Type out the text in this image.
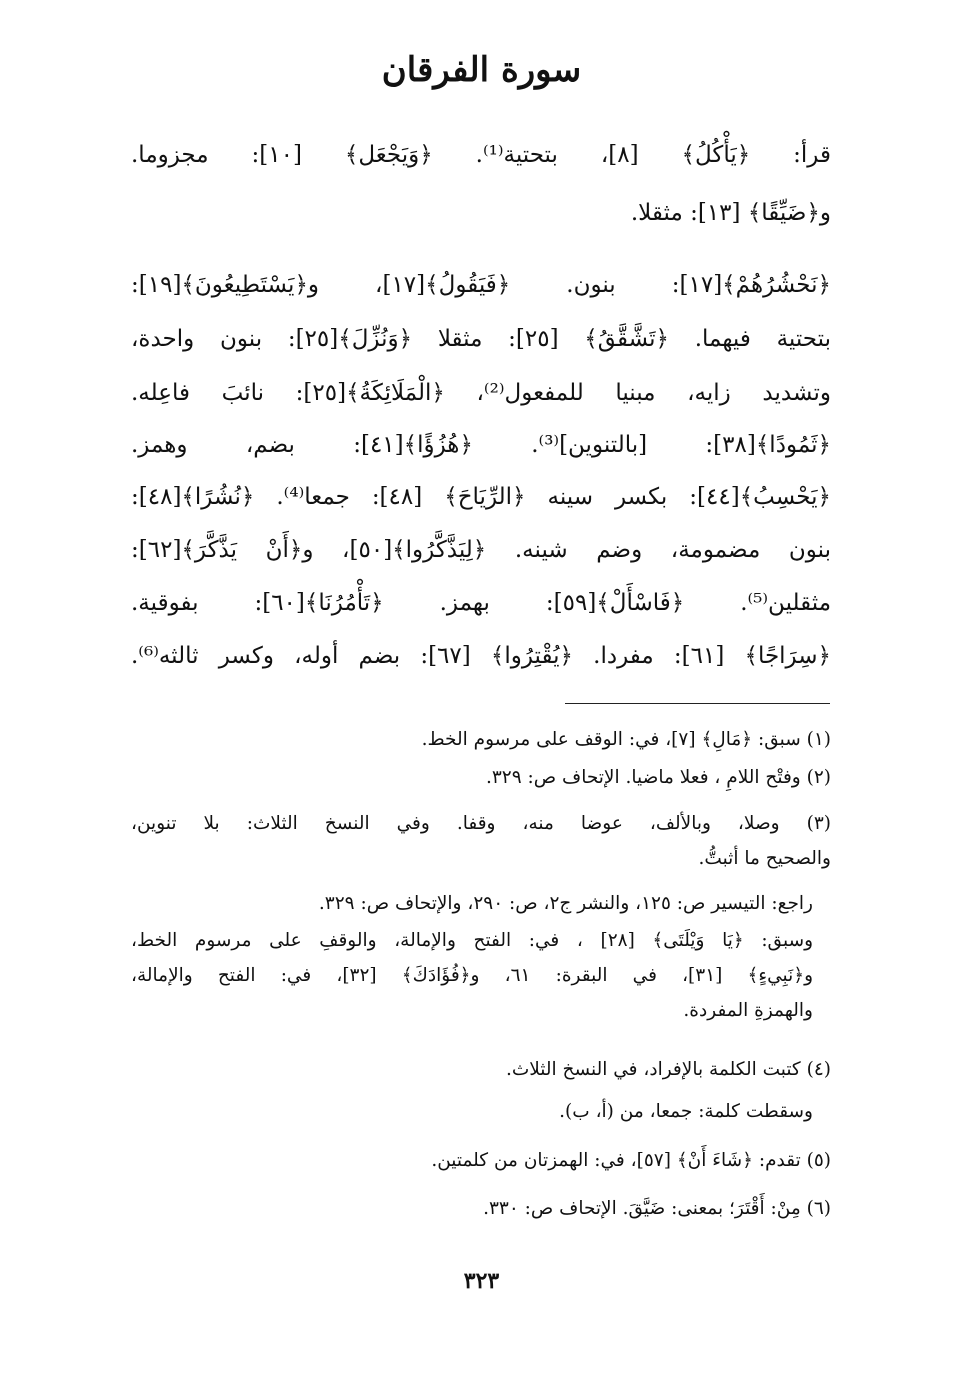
سورة الفرقان
قرأ: ﴿يَأْكُلُ﴾ [٨]، بتحتية⁽¹⁾. ﴿وَيَجْعَل﴾ [١٠]: مجزوما.
و﴿ضَيِّقًا﴾ [١٣]: مثقلا.
﴿نَحْشُرُهُمْ﴾[١٧]: بنون. ﴿فَيَقُولُ﴾[١٧]، و﴿يَسْتَطِيعُونَ﴾[١٩]:
بتحتية فيهما. ﴿تَشَّقَّقُ﴾ [٢٥]: مثقلا ﴿وَنُزِّلَ﴾[٢٥]: بنون واحدة،
وتشديد زايه، مبنيا للمفعول⁽²⁾، ﴿الْمَلَائِكَةُ﴾[٢٥]: نائبَ فاعِله.
﴿ثَمُودًا﴾[٣٨]: [بالتنوين]⁽³⁾. ﴿هُزُؤًا﴾[٤١]: بضم، وهمز.
﴿يَحْسِبُ﴾[٤٤]: بكسر سينه ﴿الرِّيَاحَ﴾ [٤٨]: جمعا⁽⁴⁾. ﴿نُشُرًا﴾[٤٨]:
بنون مضمومة، وضم شينه. ﴿لِيَذَّكَّرُوا﴾[٥٠]، و﴿أَنْ يَذَّكَّرَ﴾[٦٢]:
مثقلين⁽⁵⁾. ﴿فَاسْأَلْ﴾[٥٩]: بهمز. ﴿تَأْمُرُنَا﴾[٦٠]: بفوقية.
﴿سِرَاجًا﴾ [٦١]: مفردا. ﴿يُقْتِرُوا﴾ [٦٧]: بضم أوله، وكسر ثالثه⁽⁶⁾.
(١) سبق: ﴿مَالِ﴾ [٧]، في: الوقف على مرسوم الخط.
(٢) وفتْح اللامِ ، فعلا ماضيا. الإتحاف ص: ٣٢٩.
(٣) وصلا، وبالألف، عوضا منه، وقفا. وفي النسخ الثلاث: بلا تنوين،
والصحيح ما أثبتُّ.
راجع: التيسير ص: ١٢٥، والنشر ج٢، ص: ٢٩٠، والإتحاف ص: ٣٢٩.
وسبق: ﴿يَا وَيْلَتَى﴾ [٢٨] ، في: الفتح والإمالة، والوقفِ على مرسوم الخط،
و﴿نَبِيءٍ﴾ [٣١]، في البقرة: ٦١، و﴿فُؤَادَكَ﴾ [٣٢]، في: الفتح والإمالة،
والهمزةِ المفردة.
(٤) كتبت الكلمة بالإفراد، في النسخ الثلاث.
وسقطت كلمة: جمعا، من (أ، ب).
(٥) تقدم: ﴿شَاءَ أَنْ﴾ [٥٧]، في: الهمزتان من كلمتين.
(٦) مِنْ: أَقْتَرَ؛ بمعنى: ضَيَّقَ. الإتحاف ص: ٣٣٠.
٣٢٣
